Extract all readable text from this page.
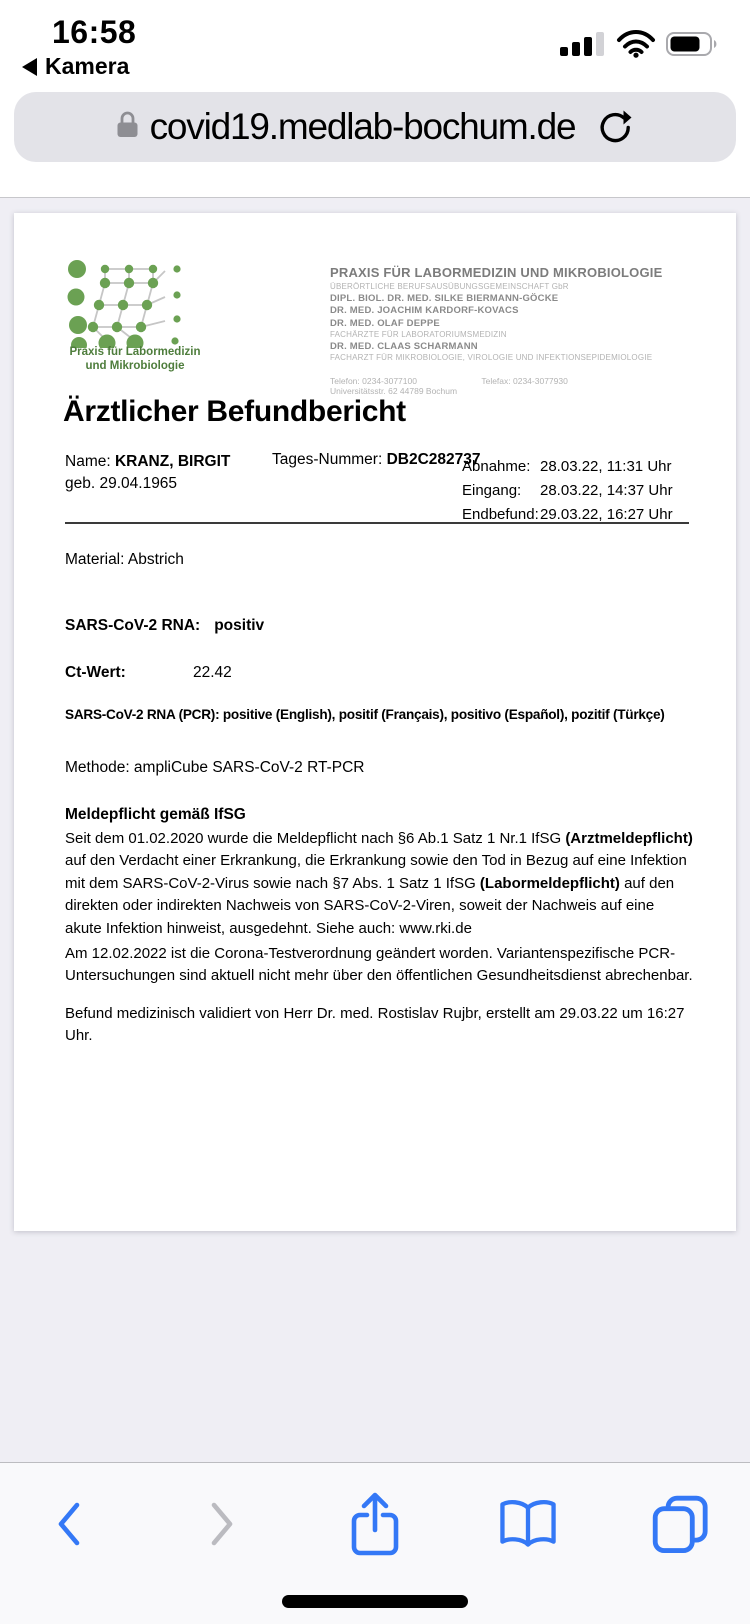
16:58
Kamera
covid19.medlab-bochum.de
Praxis für Labormedizin
und Mikrobiologie
PRAXIS FÜR LABORMEDIZIN UND MIKROBIOLOGIE
ÜBERÖRTLICHE BERUFSAUSÜBUNGSGEMEINSCHAFT GbR
DIPL. BIOL. DR. MED. SILKE BIERMANN-GÖCKE
DR. MED. JOACHIM KARDORF-KOVACS
DR. MED. OLAF DEPPE
FACHÄRZTE FÜR LABORATORIUMSMEDIZIN
DR. MED. CLAAS SCHARMANN
FACHARZT FÜR MIKROBIOLOGIE, VIROLOGIE UND INFEKTIONSEPIDEMIOLOGIE
Telefon: 0234-3077100	Telefax: 0234-3077930
Universitätsstr. 62 44789 Bochum
Ärztlicher Befundbericht
Name: KRANZ, BIRGIT
geb. 29.04.1965
Tages-Nummer: DB2C282737
Abnahme: 28.03.22, 11:31 Uhr
Eingang:	28.03.22, 14:37 Uhr
Endbefund: 29.03.22, 16:27 Uhr
Material: Abstrich
SARS-CoV-2 RNA: positiv
Ct-Wert:	22.42
SARS-CoV-2 RNA (PCR): positive (English), positif (Français), positivo (Español), pozitif (Türkçe)
Methode: ampliCube SARS-CoV-2 RT-PCR
Meldepflicht gemäß IfSG
Seit dem 01.02.2020 wurde die Meldepflicht nach §6 Ab.1 Satz 1 Nr.1 IfSG (Arztmeldepflicht) auf den Verdacht einer Erkrankung, die Erkrankung sowie den Tod in Bezug auf eine Infektion mit dem SARS-CoV-2-Virus sowie nach §7 Abs. 1 Satz 1 IfSG (Labormeldepflicht) auf den direkten oder indirekten Nachweis von SARS-CoV-2-Viren, soweit der Nachweis auf eine akute Infektion hinweist, ausgedehnt. Siehe auch: www.rki.de
Am 12.02.2022 ist die Corona-Testverordnung geändert worden. Variantenspezifische PCR-Untersuchungen sind aktuell nicht mehr über den öffentlichen Gesundheitsdienst abrechenbar.
Befund medizinisch validiert von Herr Dr. med. Rostislav Rujbr, erstellt am 29.03.22 um 16:27 Uhr.
